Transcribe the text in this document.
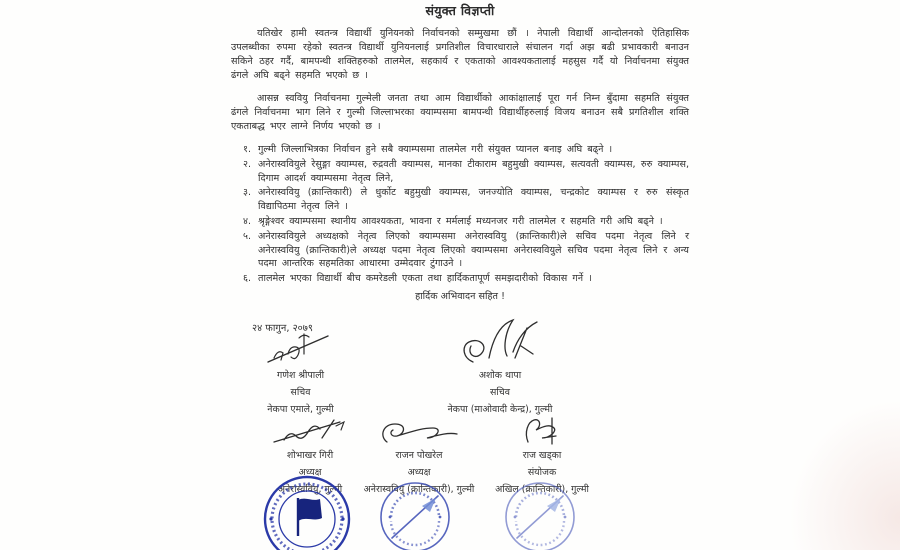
संयुक्त विज्ञप्ती

यतिखेर हामी स्वतन्त्र विद्यार्थी युनियनको निर्वाचनको सम्मुखमा छौं । नेपाली विद्यार्थी आन्दोलनको ऐतिहासिक उपलब्धीका रुपमा रहेको स्वतन्त्र विद्यार्थी युनियनलाई प्रगतिशील विचारधाराले संचालन गर्दा अझ बढी प्रभावकारी बनाउन सकिने ठहर गर्दै, बामपन्थी शक्तिहरुको तालमेल, सहकार्य र एकताको आवश्यकतालाई महसुस गर्दै यो निर्वाचनमा संयुक्त ढंगले अघि बढ्ने सहमति भएको छ ।

आसन्न स्ववियु निर्वाचनमा गुल्मेली जनता तथा आम विद्यार्थीको आकांक्षालाई पूरा गर्न निम्न बुँदामा सहमति संयुक्त ढंगले निर्वाचनमा भाग लिने र गुल्मी जिल्लाभरका क्याम्पसमा बामपन्थी विद्यार्थीहरुलाई विजय बनाउन सबै प्रगतिशील शक्ति एकताबद्ध भएर लाग्ने निर्णय भएको छ ।

१. गुल्मी जिल्लाभित्रका निर्वाचन हुने सबै क्याम्पसमा तालमेल गरी संयुक्त प्यानल बनाइ अघि बढ्ने ।
२. अनेरास्ववियुले रेसुङ्गा क्याम्पस, रुद्रवती क्याम्पस, मानका टीकाराम बहुमुखी क्याम्पस, सत्यवती क्याम्पस, रुरु क्याम्पस, दिगाम आदर्श क्याम्पसमा नेतृत्व लिने,
३. अनेरास्ववियु (क्रान्तिकारी) ले धुर्कोट बहुमुखी क्याम्पस, जनज्योति क्याम्पस, चन्द्रकोट क्याम्पस र रुरु संस्कृत विद्यापिठमा नेतृत्व लिने ।
४. श्रृङ्गेश्वर क्याम्पसमा स्थानीय आवश्यकता, भावना र मर्मलाई मध्यनजर गरी तालमेल र सहमति गरी अघि बढ्ने ।
५. अनेरास्ववियुले अध्यक्षको नेतृत्व लिएको क्याम्पसमा अनेरास्ववियु (क्रान्तिकारी)ले सचिव पदमा नेतृत्व लिने र अनेरास्ववियु (क्रान्तिकारी)ले अध्यक्ष पदमा नेतृत्व लिएको क्याम्पसमा अनेरास्ववियुले सचिव पदमा नेतृत्व लिने र अन्य पदमा आन्तरिक सहमतिका आधारमा उम्मेदवार टुंगाउने ।
६. तालमेल भएका विद्यार्थी बीच कमरेडली एकता तथा हार्दिकतापूर्ण समझदारीको विकास गर्ने ।
हार्दिक अभिवादन सहित !
२४ फागुन, २०७९
गणेश श्रीपाली
सचिव
नेकपा एमाले, गुल्मी
अशोक थापा
सचिव
नेकपा (माओवादी केन्द्र), गुल्मी
शोभाखर गिरी
अध्यक्ष
अनेरास्ववियु, गुल्मी
राजन पोखरेल
अध्यक्ष
अनेरास्ववियु (क्रान्तिकारी), गुल्मी
राज खड्का
संयोजक
अखिल (क्रान्तिकारी), गुल्मी
